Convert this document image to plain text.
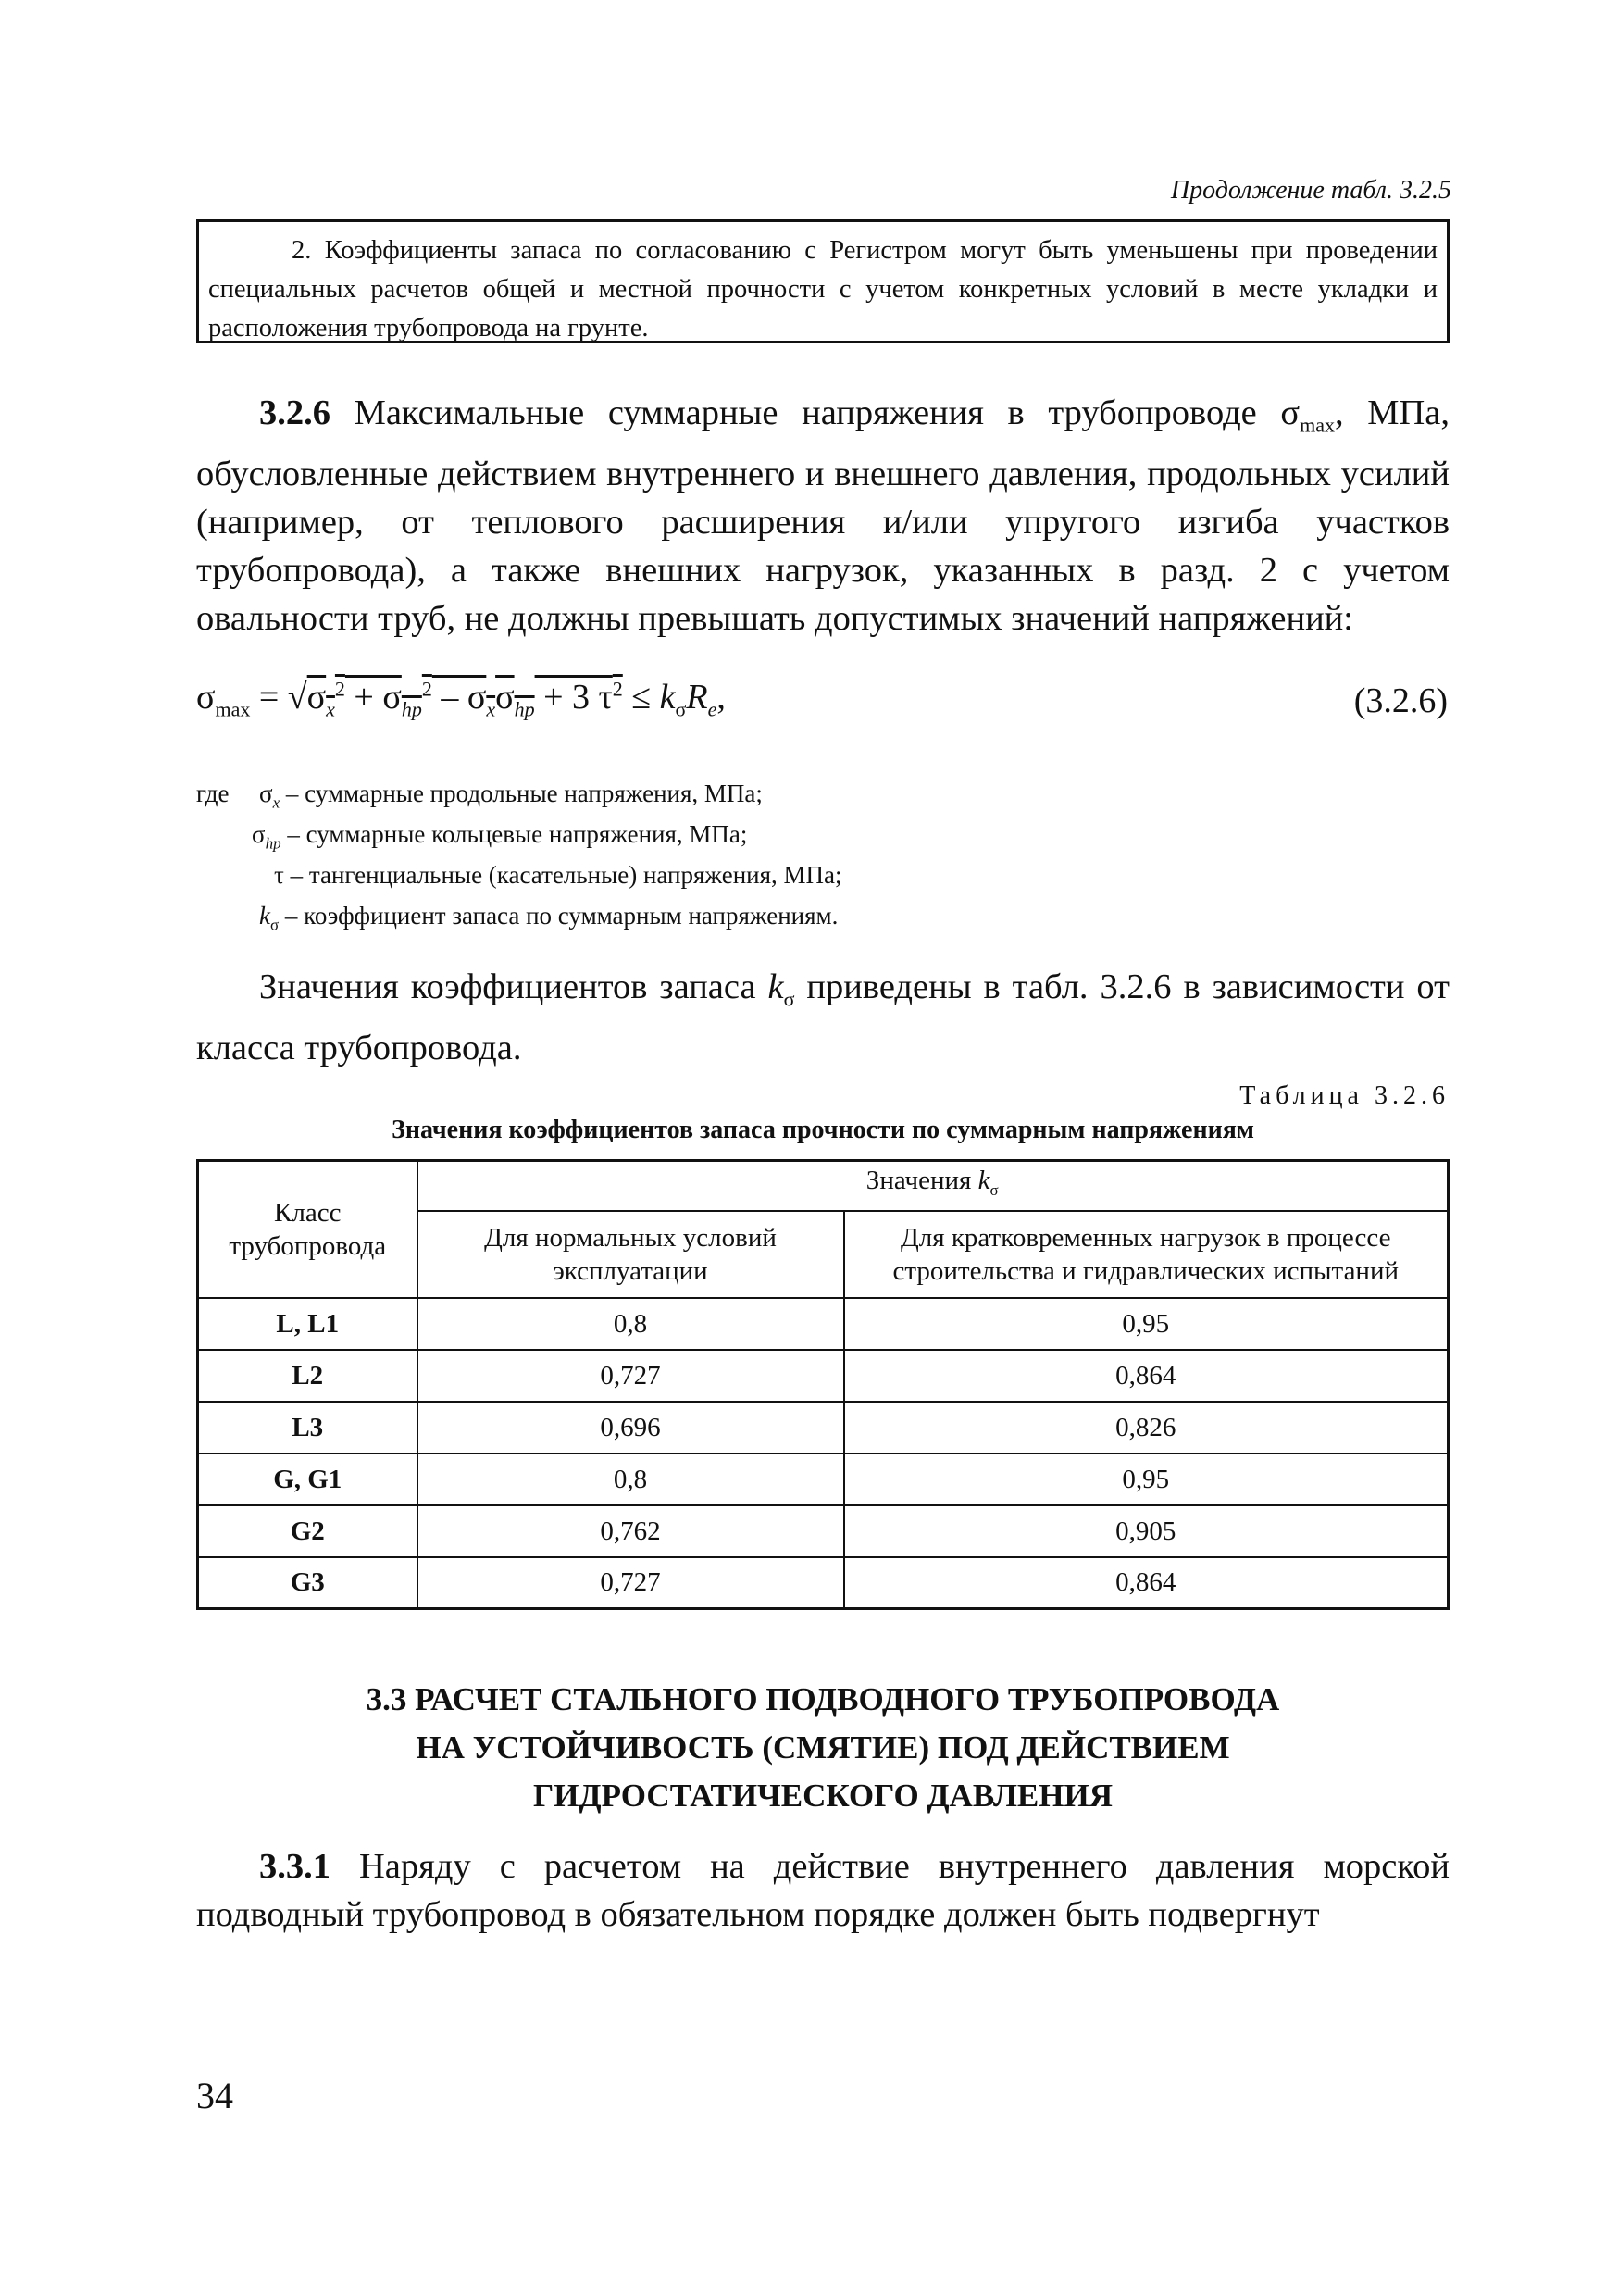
Продолжение табл. 3.2.5
2. Коэффициенты запаса по согласованию с Регистром могут быть уменьшены при проведении специальных расчетов общей и местной прочности с учетом конкретных условий в месте укладки и расположения трубопровода на грунте.
3.2.6 Максимальные суммарные напряжения в трубопроводе $\sigma_{max}$, МПа, обусловленные действием внутреннего и внешнего давления, продольных усилий (например, от теплового расширения и/или упругого изгиба участков трубопровода), а также внешних нагрузок, указанных в разд. 2 с учетом овальности труб, не должны превышать допустимых значений напряжений:
$\sigma_{max} = √\sigma_x^2 + \sigma_{hp}^2 - \sigma_x\sigma_{hp} + 3$ $\tau^2 \le k_\sigma R_e$,	(3.2.6)
где $\sigma_x$ – суммарные продольные напряжения, МПа;
$\sigma_{hp}$ – суммарные кольцевые напряжения, МПа;
τ – тангенциальные (касательные) напряжения, МПа;
$k_\sigma$ – коэффициент запаса по суммарным напряжениям.
Значения коэффициентов запаса $k_\sigma$ приведены в табл. 3.2.6 в зависимости от класса трубопровода.
Таблица 3.2.6
Значения коэффициентов запаса прочности по суммарным напряжениям
Класс трубопровода	Значения $k_\sigma$
	Для нормальных условий эксплуатации	Для кратковременных нагрузок в процессе строительства и гидравлических испытаний
L, L1	0,8	0,95
L2	0,727	0,864
L3	0,696	0,826
G, G1	0,8	0,95
G2	0,762	0,905
G3	0,727	0,864
3.3 РАСЧЕТ СТАЛЬНОГО ПОДВОДНОГО ТРУБОПРОВОДА
НА УСТОЙЧИВОСТЬ (СМЯТИЕ) ПОД ДЕЙСТВИЕМ
ГИДРОСТАТИЧЕСКОГО ДАВЛЕНИЯ
3.3.1 Наряду с расчетом на действие внутреннего давления морской подводный трубопровод в обязательном порядке должен быть подвергнут
34
